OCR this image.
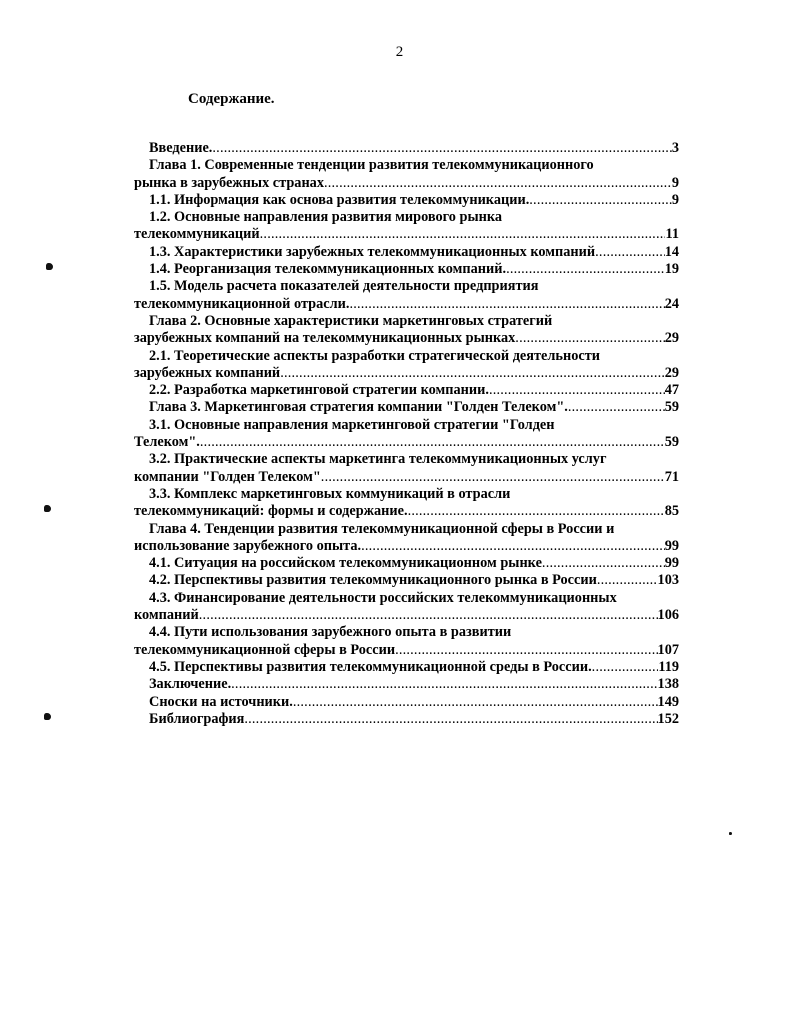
2
Содержание.
Введение. .....	3
Глава 1. Современные тенденции развития телекоммуникационного
рынка в зарубежных странах .....	9
1.1. Информация как основа развития телекоммуникации. .....	9
1.2. Основные направления развития мирового рынка
телекоммуникаций .....	11
1.3. Характеристики зарубежных телекоммуникационных компаний .....	14
1.4. Реорганизация телекоммуникационных компаний. .....	19
1.5. Модель расчета показателей деятельности предприятия
телекоммуникационной отрасли. .....	24
Глава 2. Основные характеристики маркетинговых стратегий
зарубежных компаний на телекоммуникационных рынках .....	29
2.1. Теоретические аспекты разработки стратегической деятельности
зарубежных компаний .....	29
2.2. Разработка маркетинговой стратегии компании. .....	47
Глава 3. Маркетинговая стратегия компании "Голден Телеком". .....	59
3.1. Основные направления маркетинговой стратегии "Голден
Телеком". .....	59
3.2. Практические аспекты маркетинга телекоммуникационных услуг
компании "Голден Телеком" .....	71
3.3. Комплекс маркетинговых коммуникаций в отрасли
телекоммуникаций: формы и содержание. .....	85
Глава 4. Тенденции развития телекоммуникационной сферы в России и
использование зарубежного опыта. .....	99
4.1. Ситуация на российском телекоммуникационном рынке .....	99
4.2. Перспективы развития телекоммуникационного рынка в России .....	103
4.3. Финансирование деятельности российских телекоммуникационных
компаний .....	106
4.4. Пути использования зарубежного опыта в развитии
телекоммуникационной сферы в России .....	107
4.5. Перспективы развития телекоммуникационной среды в России. .....	119
Заключение. .....	138
Сноски на источники. .....	149
Библиография .....	152
